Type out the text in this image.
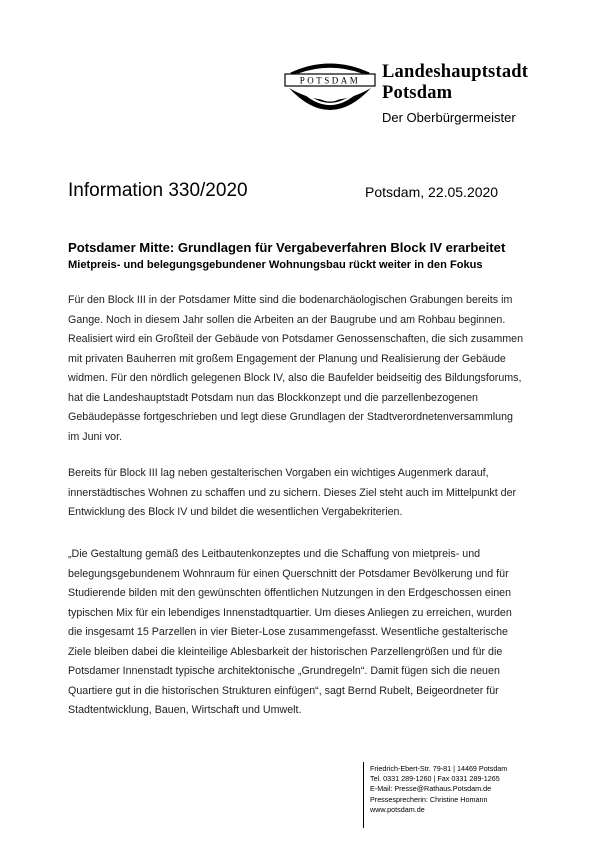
POTSDAM Landeshauptstadt
Potsdam
Der Oberbürgermeister
Information 330/2020	Potsdam, 22.05.2020
Potsdamer Mitte: Grundlagen für Vergabeverfahren Block IV erarbeitet
Mietpreis- und belegungsgebundener Wohnungsbau rückt weiter in den Fokus
Für den Block III in der Potsdamer Mitte sind die bodenarchäologischen Grabungen bereits im
Gange. Noch in diesem Jahr sollen die Arbeiten an der Baugrube und am Rohbau beginnen.
Realisiert wird ein Großteil der Gebäude von Potsdamer Genossenschaften, die sich zusammen
mit privaten Bauherren mit großem Engagement der Planung und Realisierung der Gebäude
widmen. Für den nördlich gelegenen Block IV, also die Baufelder beidseitig des Bildungsforums,
hat die Landeshauptstadt Potsdam nun das Blockkonzept und die parzellenbezogenen
Gebäudepässe fortgeschrieben und legt diese Grundlagen der Stadtverordnetenversammlung
im Juni vor.
Bereits für Block III lag neben gestalterischen Vorgaben ein wichtiges Augenmerk darauf,
innerstädtisches Wohnen zu schaffen und zu sichern. Dieses Ziel steht auch im Mittelpunkt der
Entwicklung des Block IV und bildet die wesentlichen Vergabekriterien.
„Die Gestaltung gemäß des Leitbautenkonzeptes und die Schaffung von mietpreis- und
belegungsgebundenem Wohnraum für einen Querschnitt der Potsdamer Bevölkerung und für
Studierende bilden mit den gewünschten öffentlichen Nutzungen in den Erdgeschossen einen
typischen Mix für ein lebendiges Innenstadtquartier. Um dieses Anliegen zu erreichen, wurden
die insgesamt 15 Parzellen in vier Bieter-Lose zusammengefasst. Wesentliche gestalterische
Ziele bleiben dabei die kleinteilige Ablesbarkeit der historischen Parzellengrößen und für die
Potsdamer Innenstadt typische architektonische „Grundregeln“. Damit fügen sich die neuen
Quartiere gut in die historischen Strukturen einfügen“, sagt Bernd Rubelt, Beigeordneter für
Stadtentwicklung, Bauen, Wirtschaft und Umwelt.
Friedrich-Ebert-Str. 79-81 | 14469 Potsdam
Tel. 0331 289-1260 | Fax 0331 289-1265
E-Mail: Presse@Rathaus.Potsdam.de
Pressesprecherin: Christine Homann
www.potsdam.de
